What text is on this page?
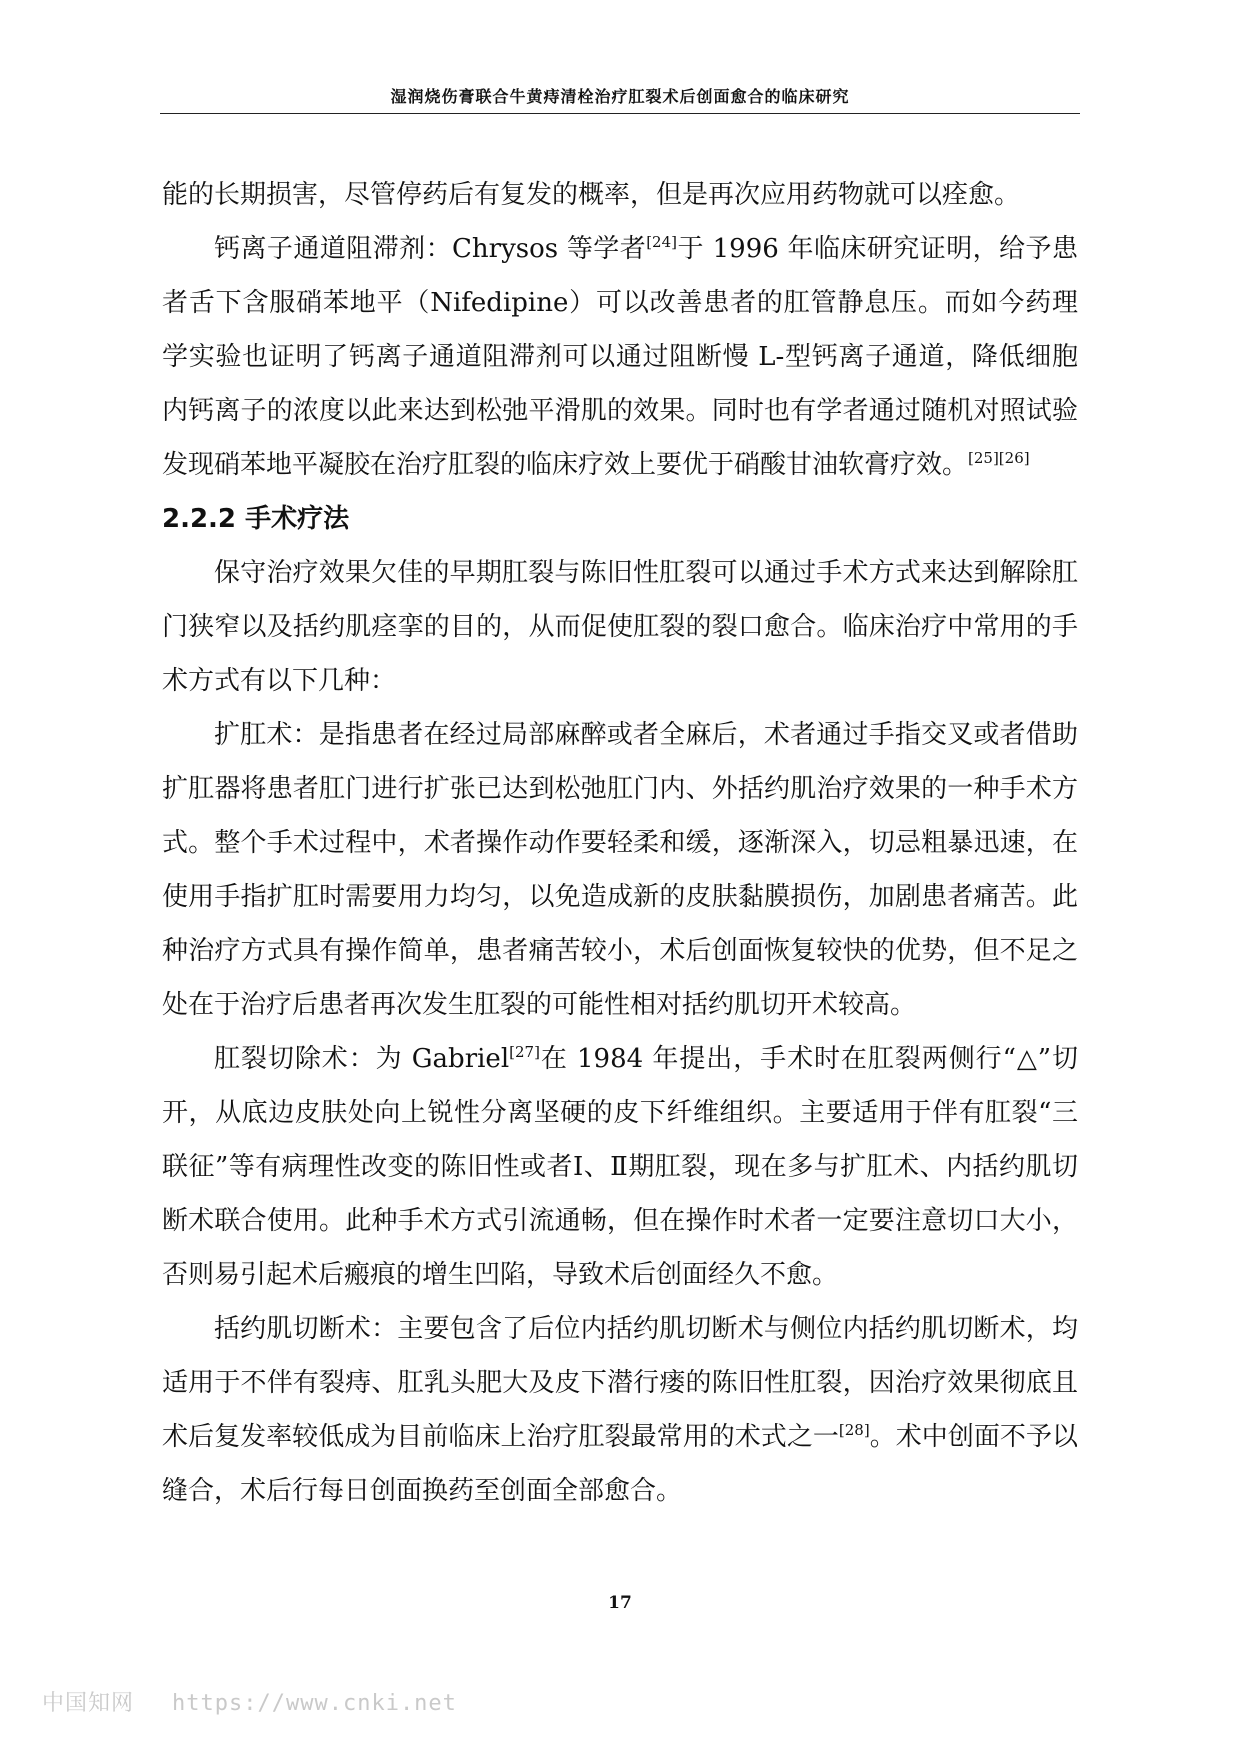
湿润烧伤膏联合牛黄痔清栓治疗肛裂术后创面愈合的临床研究

能的长期损害，尽管停药后有复发的概率，但是再次应用药物就可以痊愈。

钙离子通道阻滞剂：Chrysos 等学者[24]于 1996 年临床研究证明，给予患者舌下含服硝苯地平（Nifedipine）可以改善患者的肛管静息压。而如今药理学实验也证明了钙离子通道阻滞剂可以通过阻断慢 L-型钙离子通道，降低细胞内钙离子的浓度以此来达到松弛平滑肌的效果。同时也有学者通过随机对照试验发现硝苯地平凝胶在治疗肛裂的临床疗效上要优于硝酸甘油软膏疗效。[25][26]

2.2.2 手术疗法

保守治疗效果欠佳的早期肛裂与陈旧性肛裂可以通过手术方式来达到解除肛门狭窄以及括约肌痉挛的目的，从而促使肛裂的裂口愈合。临床治疗中常用的手术方式有以下几种：

扩肛术：是指患者在经过局部麻醉或者全麻后，术者通过手指交叉或者借助扩肛器将患者肛门进行扩张已达到松弛肛门内、外括约肌治疗效果的一种手术方式。整个手术过程中，术者操作动作要轻柔和缓，逐渐深入，切忌粗暴迅速，在使用手指扩肛时需要用力均匀，以免造成新的皮肤黏膜损伤，加剧患者痛苦。此种治疗方式具有操作简单，患者痛苦较小，术后创面恢复较快的优势，但不足之处在于治疗后患者再次发生肛裂的可能性相对括约肌切开术较高。

肛裂切除术：为 Gabriel[27]在 1984 年提出，手术时在肛裂两侧行“△”切开，从底边皮肤处向上锐性分离坚硬的皮下纤维组织。主要适用于伴有肛裂“三联征”等有病理性改变的陈旧性或者Ⅰ、Ⅱ期肛裂，现在多与扩肛术、内括约肌切断术联合使用。此种手术方式引流通畅，但在操作时术者一定要注意切口大小，否则易引起术后瘢痕的增生凹陷，导致术后创面经久不愈。

括约肌切断术：主要包含了后位内括约肌切断术与侧位内括约肌切断术，均适用于不伴有裂痔、肛乳头肥大及皮下潜行瘘的陈旧性肛裂，因治疗效果彻底且术后复发率较低成为目前临床上治疗肛裂最常用的术式之一[28]。术中创面不予以缝合，术后行每日创面换药至创面全部愈合。

17
中国知网 https://www.cnki.net
